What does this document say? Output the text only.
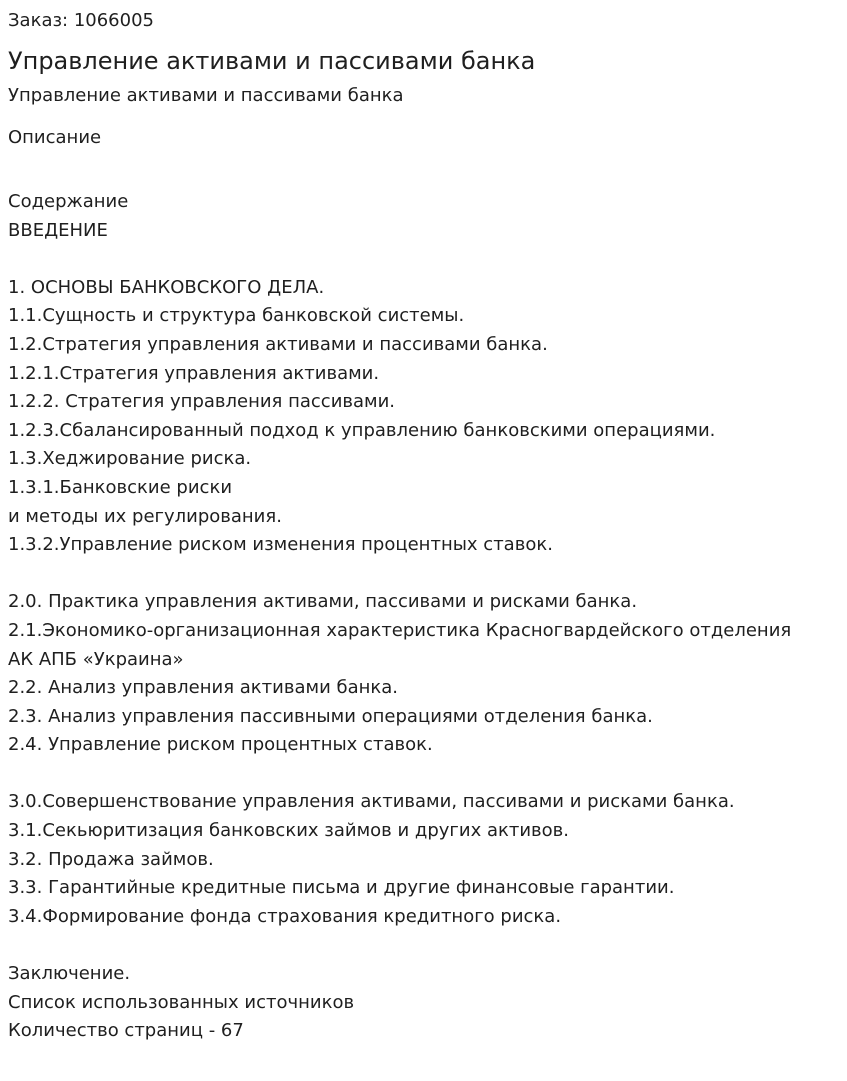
Заказ: 1066005
Управление активами и пассивами банка
Управление активами и пассивами банка
Описание
Содержание
ВВЕДЕНИЕ
1. ОСНОВЫ БАНКОВСКОГО ДЕЛА.
1.1.Сущность и структура банковской системы.
1.2.Стратегия управления активами и пассивами банка.
1.2.1.Стратегия управления активами.
1.2.2. Стратегия управления пассивами.
1.2.3.Сбалансированный подход к управлению банковскими операциями.
1.3.Хеджирование риска.
1.3.1.Банковские риски
и методы их регулирования.
1.3.2.Управление риском изменения процентных ставок.
2.0. Практика управления активами, пассивами и рисками банка.
2.1.Экономико-организационная характеристика Красногвардейского отделения
АК АПБ «Украина»
2.2. Анализ управления активами банка.
2.3. Анализ управления пассивными операциями отделения банка.
2.4. Управление риском процентных ставок.
3.0.Совершенствование управления активами, пассивами и рисками банка.
3.1.Секьюритизация банковских займов и других активов.
3.2. Продажа займов.
3.3. Гарантийные кредитные письма и другие финансовые гарантии.
3.4.Формирование фонда страхования кредитного риска.
Заключение.
Список использованных источников
Количество страниц - 67
